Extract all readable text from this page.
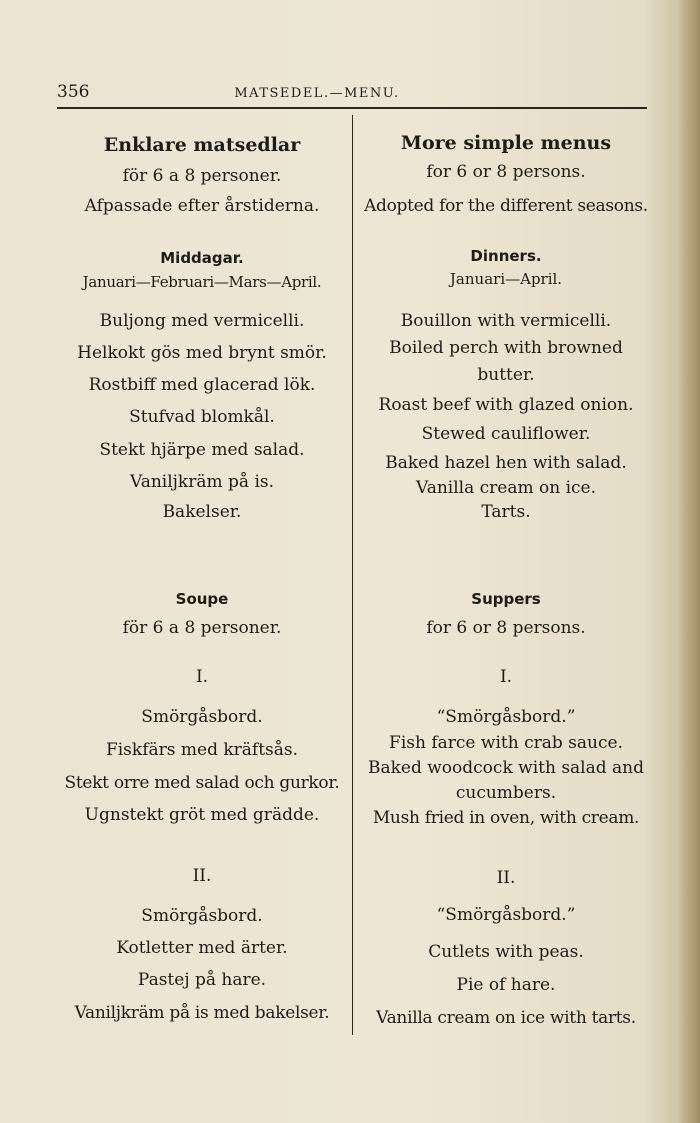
356	MATSEDEL.—MENU.
Enklare matsedlar
för 6 a 8 personer.
Afpassade efter årstiderna.
Middagar.
Januari—Februari—Mars—April.
Buljong med vermicelli.
Helkokt gös med brynt smör.
Rostbiff med glacerad lök.
Stufvad blomkål.
Stekt hjärpe med salad.
Vaniljkräm på is.
Bakelser.
Soupe
för 6 a 8 personer.
I.
Smörgåsbord.
Fiskfärs med kräftsås.
Stekt orre med salad och gurkor.
Ugnstekt gröt med grädde.
II.
Smörgåsbord.
Kotletter med ärter.
Pastej på hare.
Vaniljkräm på is med bakelser.
More simple menus
for 6 or 8 persons.
Adopted for the different seasons.
Dinners.
Januari—April.
Bouillon with vermicelli.
Boiled perch with browned
butter.
Roast beef with glazed onion.
Stewed cauliflower.
Baked hazel hen with salad.
Vanilla cream on ice.
Tarts.
Suppers
for 6 or 8 persons.
I.
“Smörgåsbord.”
Fish farce with crab sauce.
Baked woodcock with salad and
cucumbers.
Mush fried in oven, with cream.
II.
“Smörgåsbord.”
Cutlets with peas.
Pie of hare.
Vanilla cream on ice with tarts.
